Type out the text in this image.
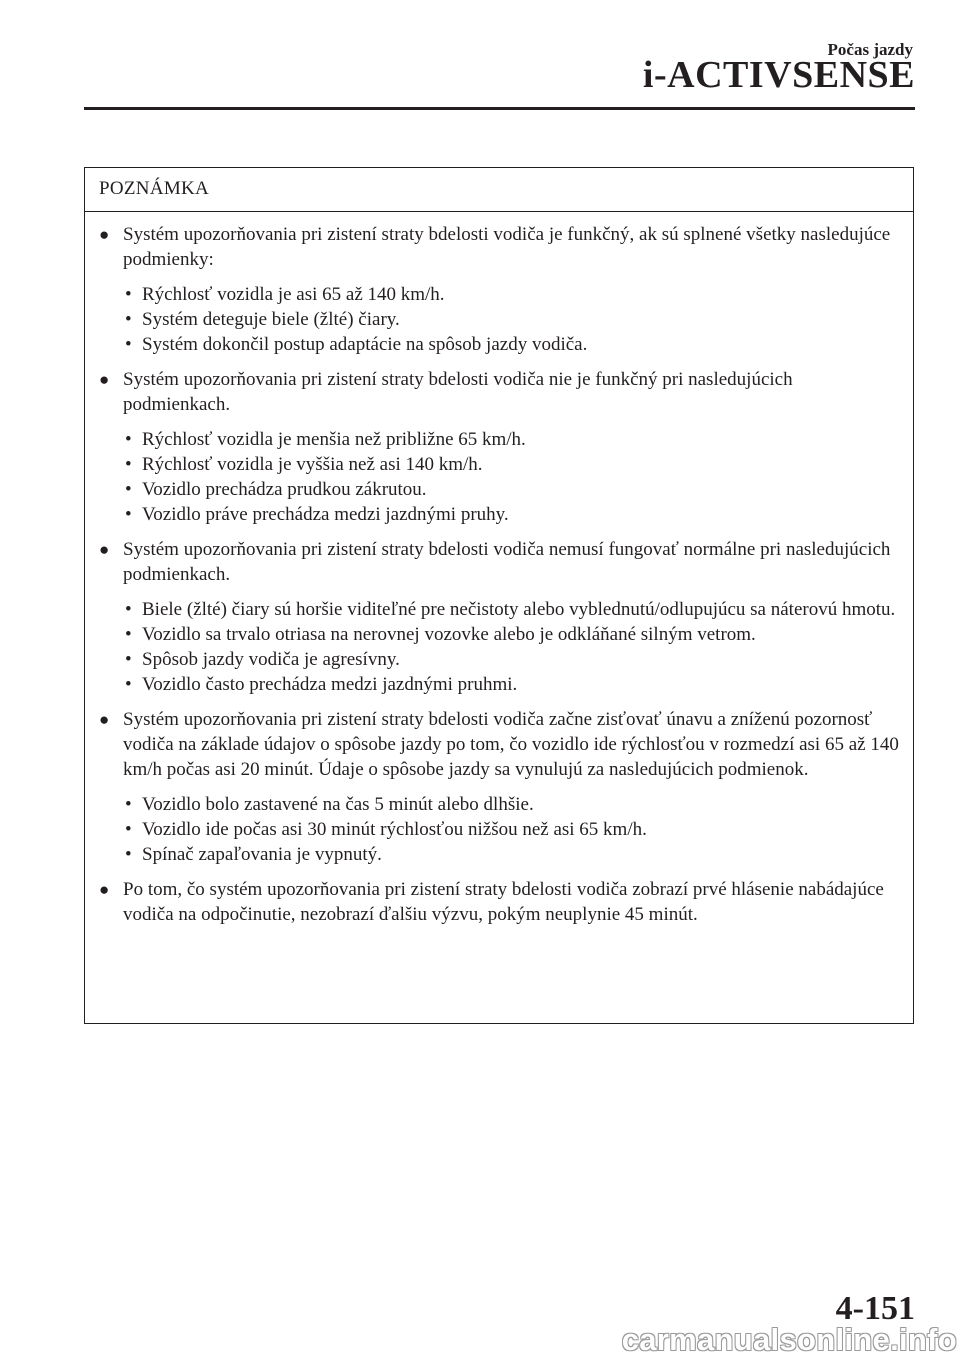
Počas jazdy
i-ACTIVSENSE
POZNÁMKA
● Systém upozorňovania pri zistení straty bdelosti vodiča je funkčný, ak sú splnené všetky nasledujúce podmienky:
• Rýchlosť vozidla je asi 65 až 140 km/h.
• Systém deteguje biele (žlté) čiary.
• Systém dokončil postup adaptácie na spôsob jazdy vodiča.
● Systém upozorňovania pri zistení straty bdelosti vodiča nie je funkčný pri nasledujúcich podmienkach.
• Rýchlosť vozidla je menšia než približne 65 km/h.
• Rýchlosť vozidla je vyššia než asi 140 km/h.
• Vozidlo prechádza prudkou zákrutou.
• Vozidlo práve prechádza medzi jazdnými pruhy.
● Systém upozorňovania pri zistení straty bdelosti vodiča nemusí fungovať normálne pri nasledujúcich podmienkach.
• Biele (žlté) čiary sú horšie viditeľné pre nečistoty alebo vyblednutú/odlupujúcu sa náterovú hmotu.
• Vozidlo sa trvalo otriasa na nerovnej vozovke alebo je odkláňané silným vetrom.
• Spôsob jazdy vodiča je agresívny.
• Vozidlo často prechádza medzi jazdnými pruhmi.
● Systém upozorňovania pri zistení straty bdelosti vodiča začne zisťovať únavu a zníženú pozornosť vodiča na základe údajov o spôsobe jazdy po tom, čo vozidlo ide rýchlosťou v rozmedzí asi 65 až 140 km/h počas asi 20 minút. Údaje o spôsobe jazdy sa vynulujú za nasledujúcich podmienok.
• Vozidlo bolo zastavené na čas 5 minút alebo dlhšie.
• Vozidlo ide počas asi 30 minút rýchlosťou nižšou než asi 65 km/h.
• Spínač zapaľovania je vypnutý.
● Po tom, čo systém upozorňovania pri zistení straty bdelosti vodiča zobrazí prvé hlásenie nabádajúce vodiča na odpočinutie, nezobrazí ďalšiu výzvu, pokým neuplynie 45 minút.
4-151
carmanualsonline.info
